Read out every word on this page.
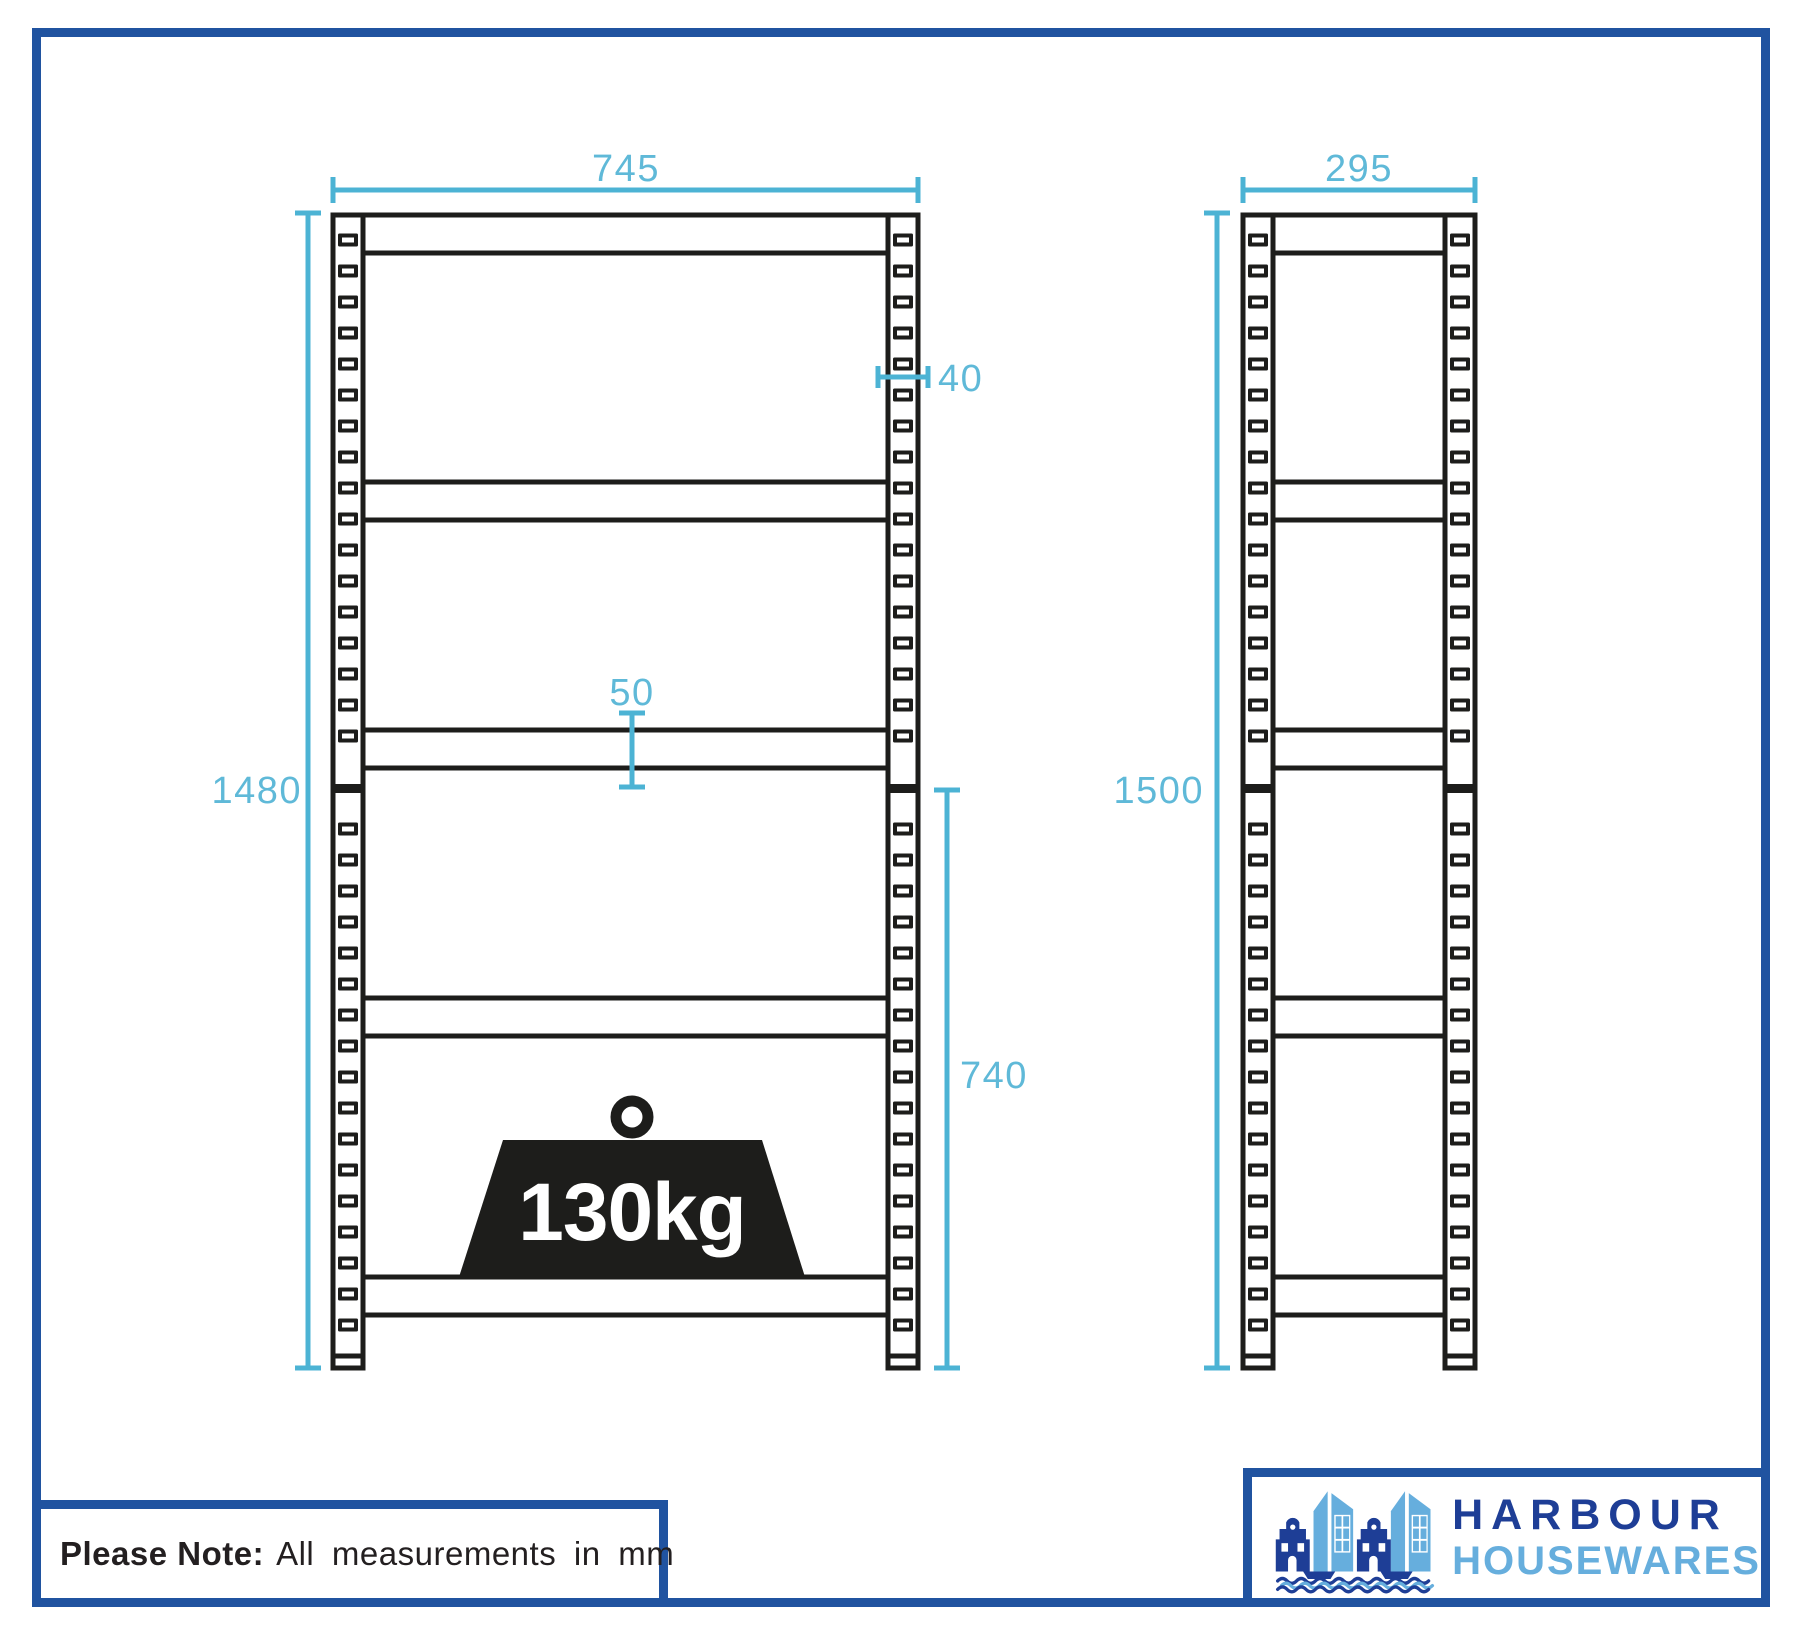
130kg
745
1480
40
50
740
295
1500
Please Note: All measurements in mm
HARBOUR
HOUSEWARES
